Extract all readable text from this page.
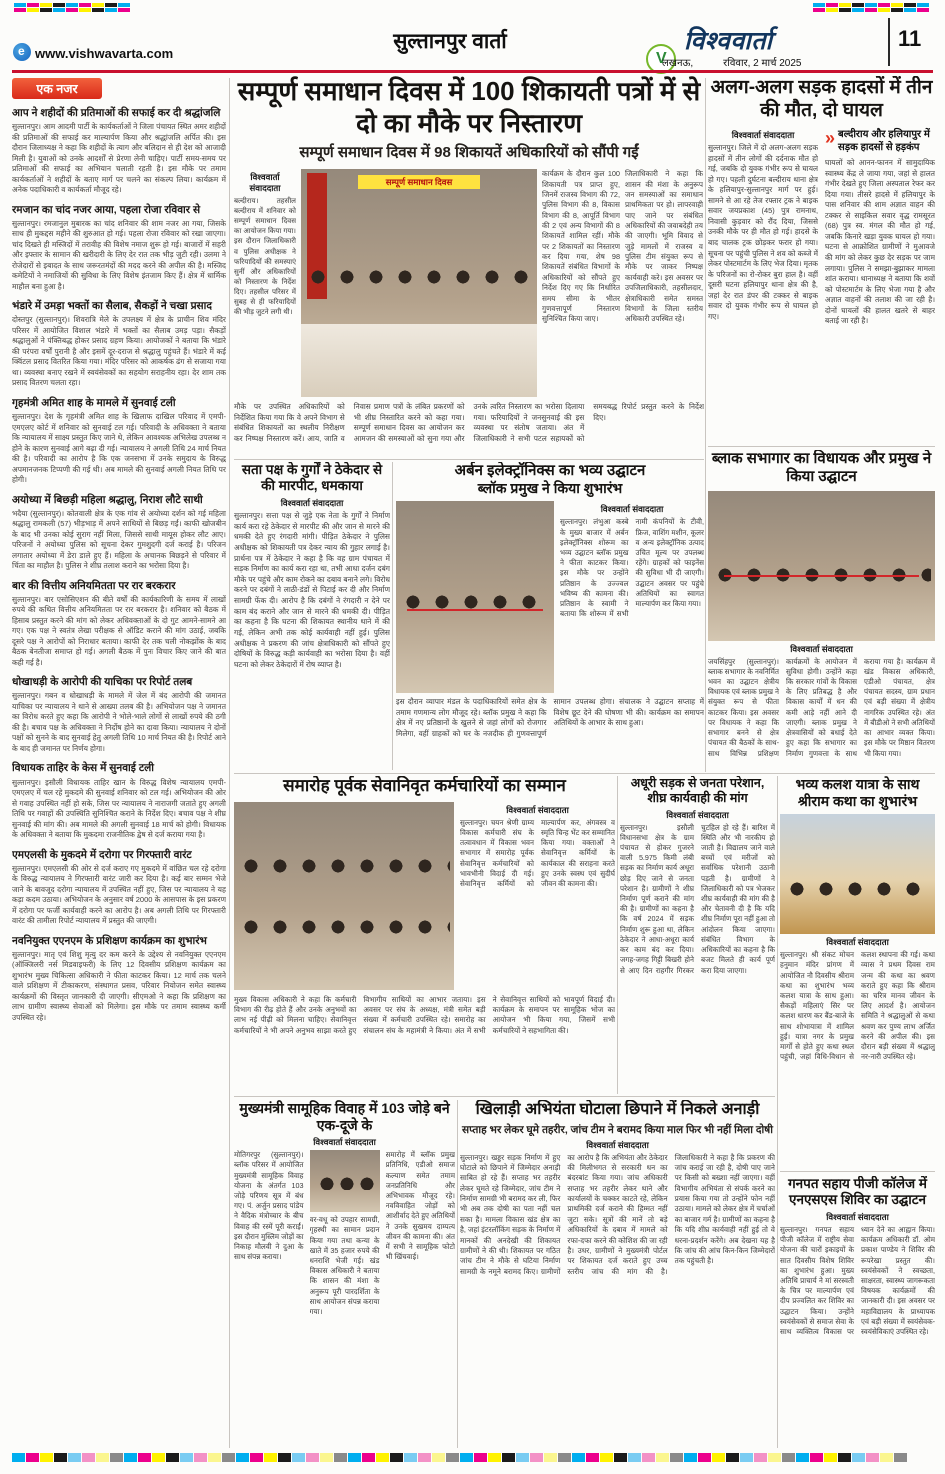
e
www.vishwavarta.com
सुल्तानपुर वार्ता
V	विश्ववार्ता
लखनऊ,	रविवार, 2 मार्च 2025
11
एक नजर
आप ने शहीदों की प्रतिमाओं की सफाई कर दी श्रद्धांजलि

सुल्तानपुर। आम आदमी पार्टी के कार्यकर्ताओं ने जिला पंचायत स्थित अमर शहीदों की प्रतिमाओं की सफाई कर माल्यार्पण किया और श्रद्धांजलि अर्पित की। इस दौरान जिलाध्यक्ष ने कहा कि शहीदों के त्याग और बलिदान से ही देश को आजादी मिली है। युवाओं को उनके आदर्शों से प्रेरणा लेनी चाहिए। पार्टी समय-समय पर प्रतिमाओं की सफाई का अभियान चलाती रहती है। इस मौके पर तमाम कार्यकर्ताओं ने शहीदों के बताए मार्ग पर चलने का संकल्प लिया। कार्यक्रम में अनेक पदाधिकारी व कार्यकर्ता मौजूद रहे।

रमजान का चांद नजर आया, पहला रोजा रविवार से

सुल्तानपुर। रमजानुल मुबारक का चांद शनिवार की शाम नजर आ गया, जिसके साथ ही मुकद्दस महीने की शुरुआत हो गई। पहला रोजा रविवार को रखा जाएगा। चांद दिखते ही मस्जिदों में तरावीह की विशेष नमाज शुरू हो गई। बाजारों में सहरी और इफ्तार के सामान की खरीदारी के लिए देर रात तक भीड़ जुटी रही। उलमा ने रोजेदारों से इबादत के साथ जरूरतमंदों की मदद करने की अपील की है। मस्जिद कमेटियों ने नमाजियों की सुविधा के लिए विशेष इंतजाम किए हैं। क्षेत्र में धार्मिक माहौल बना हुआ है।

भंडारे में उमड़ा भक्तों का सैलाब, सैकड़ों ने चखा प्रसाद

दोस्तपुर (सुल्तानपुर)। शिवरात्रि मेले के उपलक्ष्य में क्षेत्र के प्राचीन शिव मंदिर परिसर में आयोजित विशाल भंडारे में भक्तों का सैलाब उमड़ पड़ा। सैकड़ों श्रद्धालुओं ने पंक्तिबद्ध होकर प्रसाद ग्रहण किया। आयोजकों ने बताया कि भंडारे की परंपरा वर्षों पुरानी है और इसमें दूर-दराज से श्रद्धालु पहुंचते हैं। भंडारे में कई क्विंटल प्रसाद वितरित किया गया। मंदिर परिसर को आकर्षक ढंग से सजाया गया था। व्यवस्था बनाए रखने में स्वयंसेवकों का सहयोग सराहनीय रहा। देर शाम तक प्रसाद वितरण चलता रहा।

गृहमंत्री अमित शाह के मामले में सुनवाई टली

सुल्तानपुर। देश के गृहमंत्री अमित शाह के खिलाफ दाखिल परिवाद में एमपी-एमएलए कोर्ट में शनिवार को सुनवाई टल गई। परिवादी के अधिवक्ता ने बताया कि न्यायालय में साक्ष्य प्रस्तुत किए जाने थे, लेकिन आवश्यक अभिलेख उपलब्ध न होने के कारण सुनवाई आगे बढ़ा दी गई। न्यायालय ने अगली तिथि 24 मार्च नियत की है। परिवादी का आरोप है कि एक जनसभा में उनके समुदाय के विरुद्ध अपमानजनक टिप्पणी की गई थी। अब मामले की सुनवाई अगली नियत तिथि पर होगी।

अयोध्या में बिछड़ी महिला श्रद्धालु, निराश लौटे साथी

भदैया (सुल्तानपुर)। कोतवाली क्षेत्र के एक गांव से अयोध्या दर्शन को गई महिला श्रद्धालु रामकली (57) भीड़भाड़ में अपने साथियों से बिछड़ गईं। काफी खोजबीन के बाद भी उनका कोई सुराग नहीं मिला, जिससे साथी मायूस होकर लौट आए। परिजनों ने अयोध्या पुलिस को सूचना देकर गुमशुदगी दर्ज कराई है। परिजन लगातार अयोध्या में डेरा डाले हुए हैं। महिला के अचानक बिछड़ने से परिवार में चिंता का माहौल है। पुलिस ने शीघ्र तलाश कराने का भरोसा दिया है।

बार की वित्तीय अनियमितता पर रार बरकरार

सुल्तानपुर। बार एसोसिएशन की बीते वर्षों की कार्यकारिणी के समय में लाखों रुपये की कथित वित्तीय अनियमितता पर रार बरकरार है। शनिवार को बैठक में हिसाब प्रस्तुत करने की मांग को लेकर अधिवक्ताओं के दो गुट आमने-सामने आ गए। एक पक्ष ने स्वतंत्र लेखा परीक्षक से ऑडिट कराने की मांग उठाई, जबकि दूसरे पक्ष ने आरोपों को निराधार बताया। काफी देर तक चली नोकझोंक के बाद बैठक बेनतीजा समाप्त हो गई। अगली बैठक में पुनः विचार किए जाने की बात कही गई है।

धोखाधड़ी के आरोपी की याचिका पर रिपोर्ट तलब

सुल्तानपुर। गबन व धोखाधड़ी के मामले में जेल में बंद आरोपी की जमानत याचिका पर न्यायालय ने थाने से आख्या तलब की है। अभियोजन पक्ष ने जमानत का विरोध करते हुए कहा कि आरोपी ने भोले-भाले लोगों से लाखों रुपये की ठगी की है। बचाव पक्ष के अधिवक्ता ने निर्दोष होने का दावा किया। न्यायालय ने दोनों पक्षों को सुनने के बाद सुनवाई हेतु अगली तिथि 10 मार्च नियत की है। रिपोर्ट आने के बाद ही जमानत पर निर्णय होगा।

विधायक ताहिर के केस में सुनवाई टली

सुल्तानपुर। इसौली विधायक ताहिर खान के विरुद्ध विशेष न्यायालय एमपी-एमएलए में चल रहे मुकदमे की सुनवाई शनिवार को टल गई। अभियोजन की ओर से गवाह उपस्थित नहीं हो सके, जिस पर न्यायालय ने नाराजगी जताते हुए अगली तिथि पर गवाहों की उपस्थिति सुनिश्चित कराने के निर्देश दिए। बचाव पक्ष ने शीघ्र सुनवाई की मांग की। अब मामले की अगली सुनवाई 18 मार्च को होगी। विधायक के अधिवक्ता ने बताया कि मुकदमा राजनीतिक द्वेष से दर्ज कराया गया है।

एमएलसी के मुकदमे में दरोगा पर गिरफ्तारी वारंट

सुल्तानपुर। एमएलसी की ओर से दर्ज कराए गए मुकदमे में वांछित चल रहे दरोगा के विरुद्ध न्यायालय ने गिरफ्तारी वारंट जारी कर दिया है। कई बार सम्मन भेजे जाने के बावजूद दरोगा न्यायालय में उपस्थित नहीं हुए, जिस पर न्यायालय ने यह कड़ा कदम उठाया। अभियोजन के अनुसार वर्ष 2000 के आसपास के इस प्रकरण में दरोगा पर फर्जी कार्यवाही करने का आरोप है। अब अगली तिथि पर गिरफ्तारी वारंट की तामीला रिपोर्ट न्यायालय में प्रस्तुत की जाएगी।

नवनियुक्त एएनएम के प्रशिक्षण कार्यक्रम का शुभारंभ

सुल्तानपुर। मातृ एवं शिशु मृत्यु दर कम करने के उद्देश्य से नवनियुक्त एएनएम (ऑक्जिलरी नर्स मिडवाइफरी) के लिए 12 दिवसीय प्रशिक्षण कार्यक्रम का शुभारंभ मुख्य चिकित्सा अधिकारी ने फीता काटकर किया। 12 मार्च तक चलने वाले प्रशिक्षण में टीकाकरण, संस्थागत प्रसव, परिवार नियोजन समेत स्वास्थ्य कार्यक्रमों की विस्तृत जानकारी दी जाएगी। सीएमओ ने कहा कि प्रशिक्षण का लाभ ग्रामीण स्वास्थ्य सेवाओं को मिलेगा। इस मौके पर तमाम स्वास्थ्य कर्मी उपस्थित रहे।

सम्पूर्ण समाधान दिवस में 100 शिकायती पत्रों में से दो का मौके पर निस्तारण
सम्पूर्ण समाधान दिवस में 98 शिकायतें अधिकारियों को सौंपी गईं
विश्ववार्ता संवाददाता

बल्दीराय। तहसील बल्दीराय में शनिवार को सम्पूर्ण समाधान दिवस का आयोजन किया गया। इस दौरान जिलाधिकारी व पुलिस अधीक्षक ने फरियादियों की समस्याएं सुनीं और अधिकारियों को निस्तारण के निर्देश दिए। तहसील परिसर में सुबह से ही फरियादियों की भीड़ जुटने लगी थी।

सम्पूर्ण समाधान दिवस

कार्यक्रम के दौरान कुल 100 शिकायती पत्र प्राप्त हुए, जिनमें राजस्व विभाग की 72, पुलिस विभाग की 8, विकास विभाग की 8, आपूर्ति विभाग की 2 एवं अन्य विभागों की 8 शिकायतें शामिल रहीं। मौके पर 2 शिकायतों का निस्तारण कर दिया गया, शेष 98 शिकायतें संबंधित विभागों के अधिकारियों को सौंपते हुए निर्देश दिए गए कि निर्धारित समय सीमा के भीतर गुणवत्तापूर्ण निस्तारण सुनिश्चित किया जाए।

जिलाधिकारी ने कहा कि शासन की मंशा के अनुरूप जन समस्याओं का समाधान प्राथमिकता पर हो। लापरवाही पाए जाने पर संबंधित अधिकारियों की जवाबदेही तय की जाएगी। भूमि विवाद से जुड़े मामलों में राजस्व व पुलिस टीम संयुक्त रूप से मौके पर जाकर निष्पक्ष कार्यवाही करे। इस अवसर पर उपजिलाधिकारी, तहसीलदार, क्षेत्राधिकारी समेत समस्त विभागों के जिला स्तरीय अधिकारी उपस्थित रहे।

मौके पर उपस्थित अधिकारियों को निर्देशित किया गया कि वे अपने विभाग से संबंधित शिकायतों का स्थलीय निरीक्षण कर निष्पक्ष निस्तारण करें। आय, जाति व निवास प्रमाण पत्रों के लंबित प्रकरणों को भी शीघ्र निस्तारित करने को कहा गया। सम्पूर्ण समाधान दिवस का आयोजन कर आमजन की समस्याओं को सुना गया और उनके त्वरित निस्तारण का भरोसा दिलाया गया। फरियादियों ने जनसुनवाई की इस व्यवस्था पर संतोष जताया। अंत में जिलाधिकारी ने सभी पटल सहायकों को समयबद्ध रिपोर्ट प्रस्तुत करने के निर्देश दिए।

अलग-अलग सड़क हादसों में तीन की मौत, दो घायल
विश्ववार्ता संवाददाता

सुल्तानपुर। जिले में दो अलग-अलग सड़क हादसों में तीन लोगों की दर्दनाक मौत हो गई, जबकि दो युवक गंभीर रूप से घायल हो गए। पहली दुर्घटना बल्दीराय थाना क्षेत्र के हलियापुर-सुल्तानपुर मार्ग पर हुई। सामने से आ रहे तेज रफ्तार ट्रक ने बाइक सवार जयप्रकाश (45) पुत्र रामनाथ, निवासी कुड़वार को रौंद दिया, जिससे उनकी मौके पर ही मौत हो गई। हादसे के बाद चालक ट्रक छोड़कर फरार हो गया। सूचना पर पहुंची पुलिस ने शव को कब्जे में लेकर पोस्टमार्टम के लिए भेज दिया। मृतक के परिजनों का रो-रोकर बुरा हाल है। वहीं दूसरी घटना हलियापुर थाना क्षेत्र की है, जहां देर रात डंपर की टक्कर से बाइक सवार दो युवक गंभीर रूप से घायल हो गए।

» बल्दीराय और हलियापुर में सड़क हादसों से हड़कंप

घायलों को आनन-फानन में सामुदायिक स्वास्थ्य केंद्र ले जाया गया, जहां से हालत गंभीर देखते हुए जिला अस्पताल रेफर कर दिया गया। तीसरे हादसे में हलियापुर के पास शनिवार की शाम अज्ञात वाहन की टक्कर से साइकिल सवार वृद्ध रामसूरत (68) पुत्र स्व. मंगल की मौत हो गई, जबकि किनारे खड़ा युवक घायल हो गया। घटना से आक्रोशित ग्रामीणों ने मुआवजे की मांग को लेकर कुछ देर सड़क पर जाम लगाया। पुलिस ने समझा-बुझाकर मामला शांत कराया। थानाध्यक्ष ने बताया कि शवों को पोस्टमार्टम के लिए भेजा गया है और अज्ञात वाहनों की तलाश की जा रही है। दोनों घायलों की हालत खतरे से बाहर बताई जा रही है।

सता पक्ष के गुर्गों ने ठेकेदार से की मारपीट, धमकाया
विश्ववार्ता संवाददाता

सुल्तानपुर। सत्ता पक्ष से जुड़े एक नेता के गुर्गों ने निर्माण कार्य करा रहे ठेकेदार से मारपीट की और जान से मारने की धमकी देते हुए रंगदारी मांगी। पीड़ित ठेकेदार ने पुलिस अधीक्षक को शिकायती पत्र देकर न्याय की गुहार लगाई है। प्रार्थना पत्र में ठेकेदार ने कहा है कि वह ग्राम पंचायत में सड़क निर्माण का कार्य करा रहा था, तभी आधा दर्जन दबंग मौके पर पहुंचे और काम रोकने का दबाव बनाने लगे। विरोध करने पर दबंगों ने लाठी-डंडों से पिटाई कर दी और निर्माण सामग्री फेंक दी। आरोप है कि दबंगों ने रंगदारी न देने पर काम बंद कराने और जान से मारने की धमकी दी। पीड़ित का कहना है कि घटना की शिकायत स्थानीय थाने में की गई, लेकिन अभी तक कोई कार्यवाही नहीं हुई। पुलिस अधीक्षक ने प्रकरण की जांच क्षेत्राधिकारी को सौंपते हुए दोषियों के विरुद्ध कड़ी कार्यवाही का भरोसा दिया है। वहीं घटना को लेकर ठेकेदारों में रोष व्याप्त है।

अर्बन इलेक्ट्रॉनिक्स का भव्य उद्घाटन
ब्लॉक प्रमुख ने किया शुभारंभ
विश्ववार्ता संवाददाता

सुल्तानपुर। लंभुआ कस्बे के मुख्य बाजार में अर्बन इलेक्ट्रॉनिक्स शोरूम का भव्य उद्घाटन ब्लॉक प्रमुख ने फीता काटकर किया। इस मौके पर उन्होंने प्रतिष्ठान के उज्ज्वल भविष्य की कामना की। प्रतिष्ठान के स्वामी ने बताया कि शोरूम में सभी नामी कंपनियों के टीवी, फ्रिज, वाशिंग मशीन, कूलर व अन्य इलेक्ट्रॉनिक उत्पाद उचित मूल्य पर उपलब्ध रहेंगे। ग्राहकों को फाइनेंस की सुविधा भी दी जाएगी। उद्घाटन अवसर पर पहुंचे अतिथियों का स्वागत माल्यार्पण कर किया गया।

इस दौरान व्यापार मंडल के पदाधिकारियों समेत क्षेत्र के तमाम गणमान्य लोग मौजूद रहे। ब्लॉक प्रमुख ने कहा कि क्षेत्र में नए प्रतिष्ठानों के खुलने से जहां लोगों को रोजगार मिलेगा, वहीं ग्राहकों को घर के नजदीक ही गुणवत्तापूर्ण सामान उपलब्ध होगा। संचालक ने उद्घाटन सप्ताह में विशेष छूट देने की घोषणा भी की। कार्यक्रम का समापन अतिथियों के आभार के साथ हुआ।

ब्लाक सभागार का विधायक और प्रमुख ने किया उद्घाटन
विश्ववार्ता संवाददाता

जयसिंहपुर (सुल्तानपुर)। ब्लाक सभागार के नवनिर्मित भवन का उद्घाटन क्षेत्रीय विधायक एवं ब्लाक प्रमुख ने संयुक्त रूप से फीता काटकर किया। इस अवसर पर विधायक ने कहा कि सभागार बनने से क्षेत्र पंचायत की बैठकों के साथ-साथ विभिन्न प्रशिक्षण कार्यक्रमों के आयोजन में सुविधा होगी। उन्होंने कहा कि सरकार गांवों के विकास के लिए प्रतिबद्ध है और विकास कार्यों में धन की कमी आड़े नहीं आने दी जाएगी। ब्लाक प्रमुख ने क्षेत्रवासियों को बधाई देते हुए कहा कि सभागार का निर्माण गुणवत्ता के साथ कराया गया है। कार्यक्रम में खंड विकास अधिकारी, एडीओ पंचायत, क्षेत्र पंचायत सदस्य, ग्राम प्रधान एवं बड़ी संख्या में क्षेत्रीय नागरिक उपस्थित रहे। अंत में बीडीओ ने सभी अतिथियों का आभार व्यक्त किया। इस मौके पर मिष्ठान वितरण भी किया गया।

समारोह पूर्वक सेवानिवृत कर्मचारियों का सम्मान
विश्ववार्ता संवाददाता

सुल्तानपुर। चयन श्रेणी ग्राम्य विकास कर्मचारी संघ के तत्वावधान में विकास भवन सभागार में समारोह पूर्वक सेवानिवृत्त कर्मचारियों को भावभीनी विदाई दी गई। सेवानिवृत्त कर्मियों को माल्यार्पण कर, अंगवस्त्र व स्मृति चिन्ह भेंट कर सम्मानित किया गया। वक्ताओं ने सेवानिवृत्त कर्मियों के कार्यकाल की सराहना करते हुए उनके स्वस्थ एवं सुदीर्घ जीवन की कामना की।

मुख्य विकास अधिकारी ने कहा कि कर्मचारी विभाग की रीढ़ होते हैं और उनके अनुभवों का लाभ नई पीढ़ी को मिलना चाहिए। सेवानिवृत्त कर्मचारियों ने भी अपने अनुभव साझा करते हुए विभागीय साथियों का आभार जताया। इस अवसर पर संघ के अध्यक्ष, मंत्री समेत बड़ी संख्या में कर्मचारी उपस्थित रहे। समारोह का संचालन संघ के महामंत्री ने किया। अंत में सभी ने सेवानिवृत्त साथियों को भावपूर्ण विदाई दी। कार्यक्रम के समापन पर सामूहिक भोज का आयोजन भी किया गया, जिसमें सभी कर्मचारियों ने सहभागिता की।

अधूरी सड़क से जनता परेशान, शीघ्र कार्यवाही की मांग
विश्ववार्ता संवाददाता

सुल्तानपुर। इसौली विधानसभा क्षेत्र के ग्राम पंचायत से होकर गुजरने वाली 5.975 किमी लंबी सड़क का निर्माण कार्य अधूरा छोड़ दिए जाने से जनता परेशान है। ग्रामीणों ने शीघ्र निर्माण पूर्ण कराने की मांग की है। ग्रामीणों का कहना है कि वर्ष 2024 में सड़क निर्माण शुरू हुआ था, लेकिन ठेकेदार ने आधा-अधूरा कार्य कर काम बंद कर दिया। जगह-जगह गिट्टी बिखरी होने से आए दिन राहगीर गिरकर चुटहिल हो रहे हैं। बारिश में स्थिति और भी नारकीय हो जाती है। विद्यालय जाने वाले बच्चों एवं मरीजों को सर्वाधिक परेशानी उठानी पड़ती है। ग्रामीणों ने जिलाधिकारी को पत्र भेजकर शीघ्र कार्यवाही की मांग की है और चेतावनी दी है कि यदि शीघ्र निर्माण पूरा नहीं हुआ तो आंदोलन किया जाएगा। संबंधित विभाग के अधिकारियों का कहना है कि बजट मिलते ही कार्य पूर्ण करा दिया जाएगा।

भव्य कलश यात्रा के साथ श्रीराम कथा का शुभारंभ
विश्ववार्ता संवाददाता

सुल्तानपुर। श्री संकट मोचन हनुमान मंदिर प्रांगण में आयोजित नौ दिवसीय श्रीराम कथा का शुभारंभ भव्य कलश यात्रा के साथ हुआ। सैकड़ों महिलाएं सिर पर कलश धारण कर बैंड-बाजे के साथ शोभायात्रा में शामिल हुईं। यात्रा नगर के प्रमुख मार्गों से होते हुए कथा स्थल पहुंची, जहां विधि-विधान से कलश स्थापना की गई। कथा व्यास ने प्रथम दिवस राम जन्म की कथा का श्रवण कराते हुए कहा कि श्रीराम का चरित्र मानव जीवन के लिए आदर्श है। आयोजन समिति ने श्रद्धालुओं से कथा श्रवण कर पुण्य लाभ अर्जित करने की अपील की। इस दौरान बड़ी संख्या में श्रद्धालु नर-नारी उपस्थित रहे।

मुख्यमंत्री सामूहिक विवाह में 103 जोड़े बने एक-दूजे के
विश्ववार्ता संवाददाता

मोतिगरपुर (सुल्तानपुर)। ब्लॉक परिसर में आयोजित मुख्यमंत्री सामूहिक विवाह योजना के अंतर्गत 103 जोड़े परिणय सूत्र में बंध गए। पं. अर्जुन प्रसाद पांडेय ने वैदिक मंत्रोच्चार के बीच विवाह की रस्में पूरी कराईं। इस दौरान मुस्लिम जोड़ों का निकाह मौलवी ने दुआ के साथ संपन्न कराया।

वर-वधू को उपहार सामग्री, गृहस्थी का सामान प्रदान किया गया तथा कन्या के खाते में 35 हजार रुपये की धनराशि भेजी गई। खंड विकास अधिकारी ने बताया कि शासन की मंशा के अनुरूप पूरी पारदर्शिता के साथ आयोजन संपन्न कराया गया।

समारोह में ब्लॉक प्रमुख प्रतिनिधि, एडीओ समाज कल्याण समेत तमाम जनप्रतिनिधि और अभिभावक मौजूद रहे। नवविवाहित जोड़ों को आशीर्वाद देते हुए अतिथियों ने उनके सुखमय दाम्पत्य जीवन की कामना की। अंत में सभी ने सामूहिक फोटो भी खिंचवाई।

खिलाड़ी अभियंता घोटाला छिपाने में निकले अनाड़ी
सप्ताह भर लेकर घूमे तहरीर, जांच टीम ने बरामद किया माल फिर भी नहीं मिला दोषी
विश्ववार्ता संवाददाता

सुल्तानपुर। खड्डर सड़क निर्माण में हुए घोटाले को छिपाने में जिम्मेदार अनाड़ी साबित हो रहे हैं। सप्ताह भर तहरीर लेकर घूमते रहे जिम्मेदार, जांच टीम ने निर्माण सामग्री भी बरामद कर ली, फिर भी अब तक दोषी का पता नहीं चल सका है। मामला विकास खंड क्षेत्र का है, जहां इंटरलॉकिंग सड़क के निर्माण में मानकों की अनदेखी की शिकायत ग्रामीणों ने की थी। शिकायत पर गठित जांच टीम ने मौके से घटिया निर्माण सामग्री के नमूने बरामद किए। ग्रामीणों का आरोप है कि अभियंता और ठेकेदार की मिलीभगत से सरकारी धन का बंदरबांट किया गया। जांच अधिकारी सप्ताह भर तहरीर लेकर थाने और कार्यालयों के चक्कर काटते रहे, लेकिन प्राथमिकी दर्ज कराने की हिम्मत नहीं जुटा सके। सूत्रों की मानें तो बड़े अधिकारियों के दबाव में मामले को रफा-दफा करने की कोशिश की जा रही है। उधर, ग्रामीणों ने मुख्यमंत्री पोर्टल पर शिकायत दर्ज कराते हुए उच्च स्तरीय जांच की मांग की है। जिलाधिकारी ने कहा है कि प्रकरण की जांच कराई जा रही है, दोषी पाए जाने पर किसी को बख्शा नहीं जाएगा। वहीं विभागीय अभियंता से संपर्क करने का प्रयास किया गया तो उन्होंने फोन नहीं उठाया। मामले को लेकर क्षेत्र में चर्चाओं का बाजार गर्म है। ग्रामीणों का कहना है कि यदि शीघ्र कार्यवाही नहीं हुई तो वे धरना-प्रदर्शन करेंगे। अब देखना यह है कि जांच की आंच किन-किन जिम्मेदारों तक पहुंचती है।

गनपत सहाय पीजी कॉलेज में एनएसएस शिविर का उद्घाटन
विश्ववार्ता संवाददाता

सुल्तानपुर। गनपत सहाय पीजी कॉलेज में राष्ट्रीय सेवा योजना की चारों इकाइयों के सात दिवसीय विशेष शिविर का शुभारंभ हुआ। मुख्य अतिथि प्राचार्य ने मां सरस्वती के चित्र पर माल्यार्पण एवं दीप प्रज्वलित कर शिविर का उद्घाटन किया। उन्होंने स्वयंसेवकों से समाज सेवा के साथ व्यक्तित्व विकास पर ध्यान देने का आह्वान किया। कार्यक्रम अधिकारी डॉ. ओम प्रकाश पाण्डेय ने शिविर की रूपरेखा प्रस्तुत की। स्वयंसेवकों ने स्वच्छता, साक्षरता, स्वास्थ्य जागरूकता विषयक कार्यक्रमों की जानकारी दी। इस अवसर पर महाविद्यालय के प्राध्यापक एवं बड़ी संख्या में स्वयंसेवक-स्वयंसेविकाएं उपस्थित रहे।
